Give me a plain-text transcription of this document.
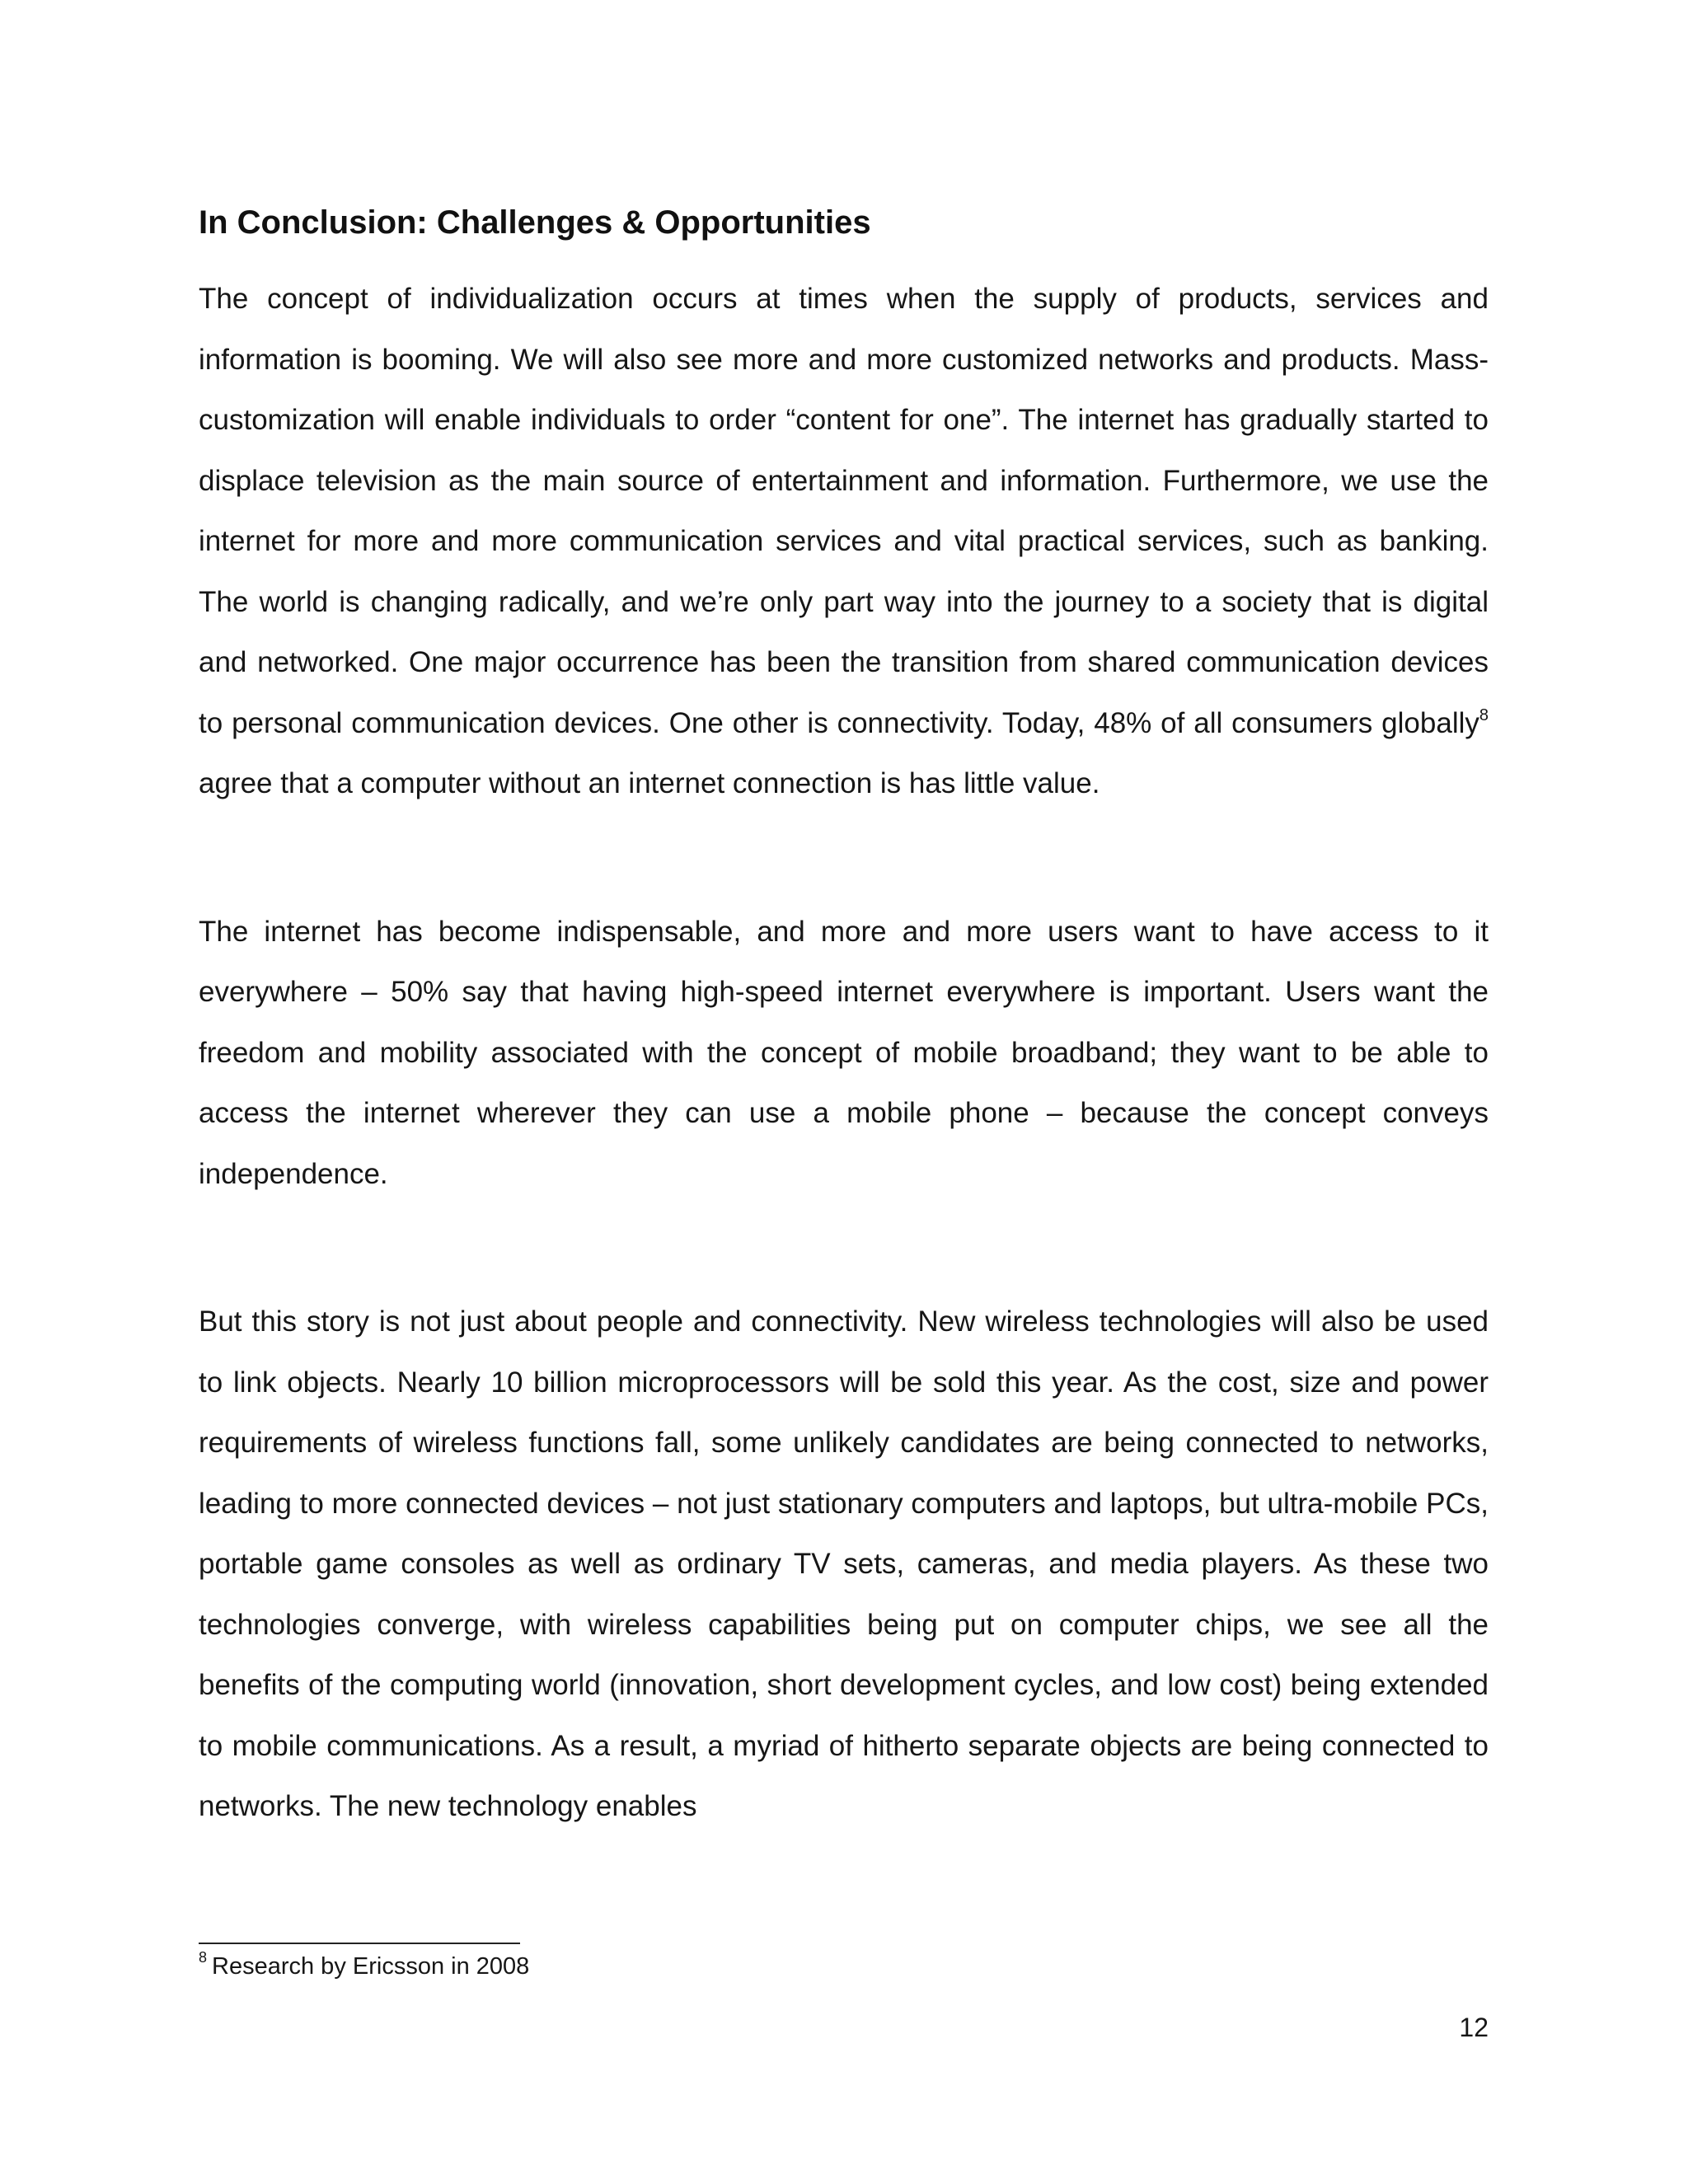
In Conclusion: Challenges & Opportunities

The concept of individualization occurs at times when the supply of products, services and information is booming. We will also see more and more customized networks and products. Mass-customization will enable individuals to order “content for one”. The internet has gradually started to displace television as the main source of entertainment and information. Furthermore, we use the internet for more and more communication services and vital practical services, such as banking. The world is changing radically, and we’re only part way into the journey to a society that is digital and networked. One major occurrence has been the transition from shared communication devices to personal communication devices. One other is connectivity. Today, 48% of all consumers globally$^8$ agree that a computer without an internet connection is has little value.

The internet has become indispensable, and more and more users want to have access to it everywhere – 50% say that having high-speed internet everywhere is important. Users want the freedom and mobility associated with the concept of mobile broadband; they want to be able to access the internet wherever they can use a mobile phone – because the concept conveys independence.

But this story is not just about people and connectivity. New wireless technologies will also be used to link objects. Nearly 10 billion microprocessors will be sold this year. As the cost, size and power requirements of wireless functions fall, some unlikely candidates are being connected to networks, leading to more connected devices – not just stationary computers and laptops, but ultra-mobile PCs, portable game consoles as well as ordinary TV sets, cameras, and media players. As these two technologies converge, with wireless capabilities being put on computer chips, we see all the benefits of the computing world (innovation, short development cycles, and low cost) being extended to mobile communications. As a result, a myriad of hitherto separate objects are being connected to networks. The new technology enables

$^8$ Research by Ericsson in 2008
12
